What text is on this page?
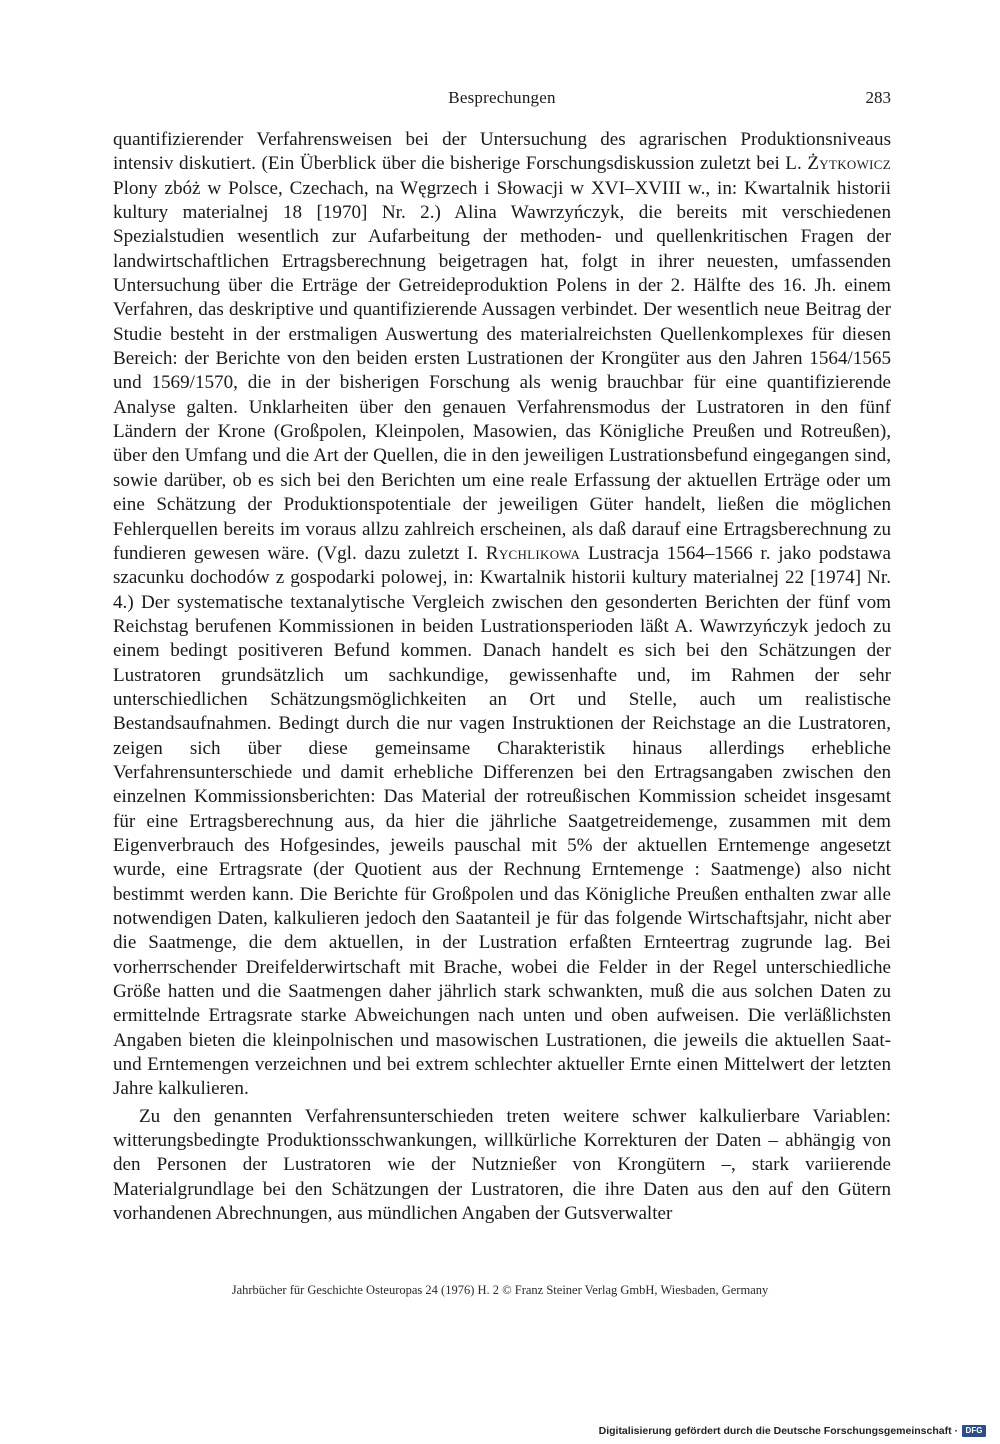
Besprechungen	283

quantifizierender Verfahrensweisen bei der Untersuchung des agrarischen Produktionsniveaus intensiv diskutiert. (Ein Überblick über die bisherige Forschungsdiskussion zuletzt bei L. Żytkowicz Plony zbóż w Polsce, Czechach, na Węgrzech i Słowacji w XVI–XVIII w., in: Kwartalnik historii kultury materialnej 18 [1970] Nr. 2.) Alina Wawrzyńczyk, die bereits mit verschiedenen Spezialstudien wesentlich zur Aufarbeitung der methoden- und quellenkritischen Fragen der landwirtschaftlichen Ertragsberechnung beigetragen hat, folgt in ihrer neuesten, umfassenden Untersuchung über die Erträge der Getreideproduktion Polens in der 2. Hälfte des 16. Jh. einem Verfahren, das deskriptive und quantifizierende Aussagen verbindet. Der wesentlich neue Beitrag der Studie besteht in der erstmaligen Auswertung des materialreichsten Quellenkomplexes für diesen Bereich: der Berichte von den beiden ersten Lustrationen der Krongüter aus den Jahren 1564/1565 und 1569/1570, die in der bisherigen Forschung als wenig brauchbar für eine quantifizierende Analyse galten. Unklarheiten über den genauen Verfahrensmodus der Lustratoren in den fünf Ländern der Krone (Großpolen, Kleinpolen, Masowien, das Königliche Preußen und Rotreußen), über den Umfang und die Art der Quellen, die in den jeweiligen Lustrationsbefund eingegangen sind, sowie darüber, ob es sich bei den Berichten um eine reale Erfassung der aktuellen Erträge oder um eine Schätzung der Produktionspotentiale der jeweiligen Güter handelt, ließen die möglichen Fehlerquellen bereits im voraus allzu zahlreich erscheinen, als daß darauf eine Ertragsberechnung zu fundieren gewesen wäre. (Vgl. dazu zuletzt I. Rychlikowa Lustracja 1564–1566 r. jako podstawa szacunku dochodów z gospodarki polowej, in: Kwartalnik historii kultury materialnej 22 [1974] Nr. 4.) Der systematische textanalytische Vergleich zwischen den gesonderten Berichten der fünf vom Reichstag berufenen Kommissionen in beiden Lustrationsperioden läßt A. Wawrzyńczyk jedoch zu einem bedingt positiveren Befund kommen. Danach handelt es sich bei den Schätzungen der Lustratoren grundsätzlich um sachkundige, gewissenhafte und, im Rahmen der sehr unterschiedlichen Schätzungsmöglichkeiten an Ort und Stelle, auch um realistische Bestandsaufnahmen. Bedingt durch die nur vagen Instruktionen der Reichstage an die Lustratoren, zeigen sich über diese gemeinsame Charakteristik hinaus allerdings erhebliche Verfahrensunterschiede und damit erhebliche Differenzen bei den Ertragsangaben zwischen den einzelnen Kommissionsberichten: Das Material der rotreußischen Kommission scheidet insgesamt für eine Ertragsberechnung aus, da hier die jährliche Saatgetreidemenge, zusammen mit dem Eigenverbrauch des Hofgesindes, jeweils pauschal mit 5% der aktuellen Erntemenge angesetzt wurde, eine Ertragsrate (der Quotient aus der Rechnung Erntemenge : Saatmenge) also nicht bestimmt werden kann. Die Berichte für Großpolen und das Königliche Preußen enthalten zwar alle notwendigen Daten, kalkulieren jedoch den Saatanteil je für das folgende Wirtschaftsjahr, nicht aber die Saatmenge, die dem aktuellen, in der Lustration erfaßten Ernteertrag zugrunde lag. Bei vorherrschender Dreifelderwirtschaft mit Brache, wobei die Felder in der Regel unterschiedliche Größe hatten und die Saatmengen daher jährlich stark schwankten, muß die aus solchen Daten zu ermittelnde Ertragsrate starke Abweichungen nach unten und oben aufweisen. Die verläßlichsten Angaben bieten die kleinpolnischen und masowischen Lustrationen, die jeweils die aktuellen Saat- und Erntemengen verzeichnen und bei extrem schlechter aktueller Ernte einen Mittelwert der letzten Jahre kalkulieren.

Zu den genannten Verfahrensunterschieden treten weitere schwer kalkulierbare Variablen: witterungsbedingte Produktionsschwankungen, willkürliche Korrekturen der Daten – abhängig von den Personen der Lustratoren wie der Nutznießer von Krongütern –, stark variierende Materialgrundlage bei den Schätzungen der Lustratoren, die ihre Daten aus den auf den Gütern vorhandenen Abrechnungen, aus mündlichen Angaben der Gutsverwalter

Jahrbücher für Geschichte Osteuropas 24 (1976) H. 2 © Franz Steiner Verlag GmbH, Wiesbaden, Germany
Digitalisierung gefördert durch die Deutsche Forschungsgemeinschaft · DFG
